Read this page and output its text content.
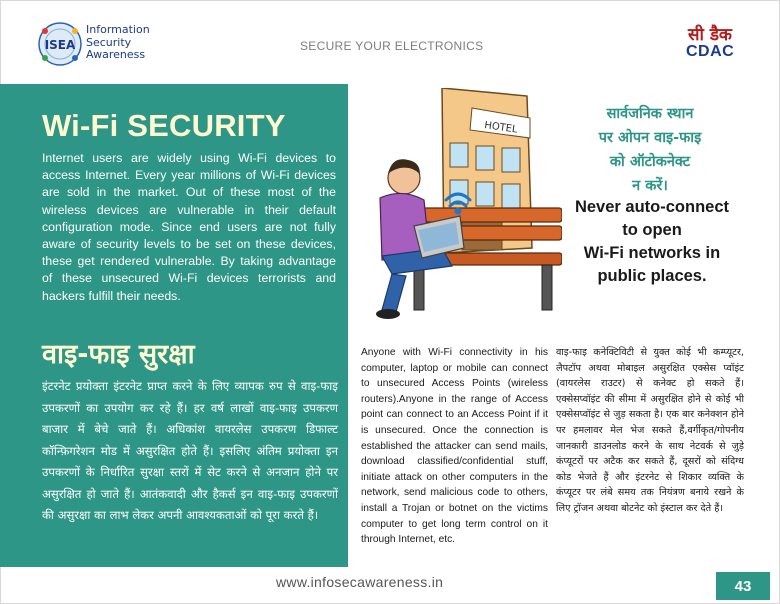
ISEA
Information
Security
Awareness
SECURE YOUR ELECTRONICS
सी डैक
CDAC
Wi-Fi SECURITY
Internet users are widely using Wi-Fi devices to access Internet. Every year millions of Wi-Fi devices are sold in the market. Out of these most of the wireless devices are vulnerable in their default configuration mode. Since end users are not fully aware of security levels to be set on these devices, these get rendered vulnerable. By taking advantage of these unsecured Wi-Fi devices terrorists and hackers fulfill their needs.
वाइ-फाइ सुरक्षा
इंटरनेट प्रयोक्ता इंटरनेट प्राप्त करने के लिए व्यापक रुप से वाइ-फाइ उपकरणों का उपयोग कर रहे हैं। हर वर्ष लाखों वाइ-फाइ उपकरण बाजार में बेचे जाते हैं। अधिकांश वायरलेस उपकरण डिफाल्ट कॉन्फ़िगरेशन मोड में असुरक्षित होते हैं। इसलिए अंतिम प्रयोक्ता इन उपकरणों के निर्धारित सुरक्षा स्तरों में सेट करने से अनजान होने पर असुरक्षित हो जाते हैं। आतंकवादी और हैकर्स इन वाइ-फाइ उपकरणों की असुरक्षा का लाभ लेकर अपनी आवश्यकताओं को पूरा करते हैं।
HOTEL
सार्वजनिक स्थान
पर ओपन वाइ-फाइ
को ऑटोकनेक्ट
न करें।
Never auto-connect
to open
Wi-Fi networks in
public places.
Anyone with Wi-Fi connectivity in his computer, laptop or mobile can connect to unsecured Access Points (wireless routers).Anyone in the range of Access point can connect to an Access Point if it is unsecured. Once the connection is established the attacker can send mails, download classified/confidential stuff, initiate attack on other computers in the network, send malicious code to others, install a Trojan or botnet on the victims computer to get long term control on it through Internet, etc.
वाइ-फाइ कनेक्टिविटी से युक्त कोई भी कम्प्यूटर, लैपटॉप अथवा मोबाइल असुरक्षित एक्सेस प्वॉइंट (वायरलेस राउटर) से कनेक्ट हो सकते हैं। एक्सेसप्वॉइंट की सीमा में असुरक्षित होने से कोई भी एक्सेसप्वॉइंट से जुड़ सकता है। एक बार कनेक्शन होने पर हमलावर मेल भेज सकते हैं,वर्गीकृत/गोपनीय जानकारी डाउनलोड करने के साथ नेटवर्क से जुड़े कंप्यूटरों पर अटैक कर सकते हैं, दूसरों को संदिग्ध कोड भेजते हैं और इंटरनेट से शिकार व्यक्ति के कंप्यूटर पर लंबे समय तक नियंत्रण बनाये रखने के लिए ट्रॉजन अथवा बोटनेट को इंस्टाल कर देते हैं।
www.infosecawareness.in	43
